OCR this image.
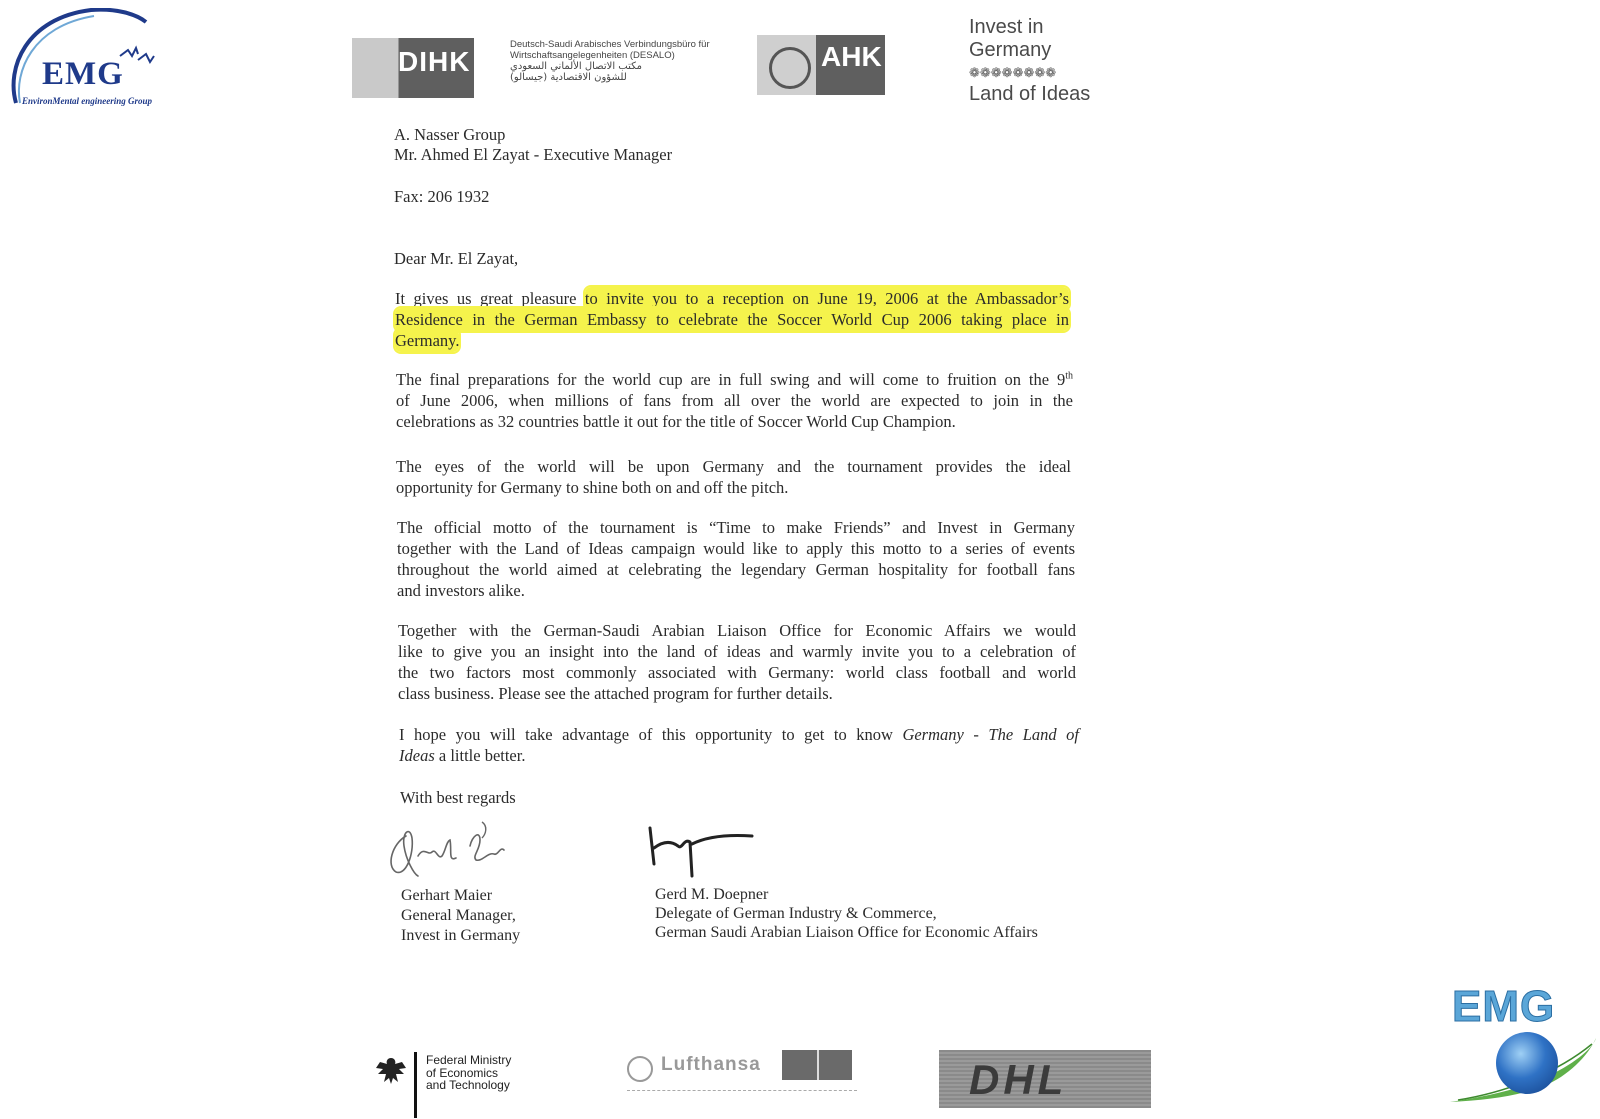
EMG
EnvironMental engineering Group
DIHK
Deutsch-Saudi Arabisches Verbindungsbüro für
Wirtschaftsangelegenheiten (DESALO)
مكتب الاتصال الألماني السعودي
للشؤون الاقتصادية (جيسالو)
AHK
Invest in
Germany
❁❁❁❁❁❁❁❁
Land of Ideas
A. Nasser Group
Mr. Ahmed El Zayat - Executive Manager
Fax: 206 1932
Dear Mr. El Zayat,
It gives us great pleasure to invite you to a reception on June 19, 2006 at the Ambassador’s
Residence in the German Embassy to celebrate the Soccer World Cup 2006 taking place in
Germany.
The final preparations for the world cup are in full swing and will come to fruition on the 9th
of June 2006, when millions of fans from all over the world are expected to join in the
celebrations as 32 countries battle it out for the title of Soccer World Cup Champion.
The eyes of the world will be upon Germany and the tournament provides the ideal
opportunity for Germany to shine both on and off the pitch.
The official motto of the tournament is “Time to make Friends” and Invest in Germany
together with the Land of Ideas campaign would like to apply this motto to a series of events
throughout the world aimed at celebrating the legendary German hospitality for football fans
and investors alike.
Together with the German-Saudi Arabian Liaison Office for Economic Affairs we would
like to give you an insight into the land of ideas and warmly invite you to a celebration of
the two factors most commonly associated with Germany: world class football and world
class business. Please see the attached program for further details.
I hope you will take advantage of this opportunity to get to know Germany - The Land of
Ideas a little better.
With best regards
Gerhart Maier
General Manager,
Invest in Germany
Gerd M. Doepner
Delegate of German Industry & Commerce,
German Saudi Arabian Liaison Office for Economic Affairs
Federal Ministry
of Economics
and Technology
Lufthansa	DHL
EMG
